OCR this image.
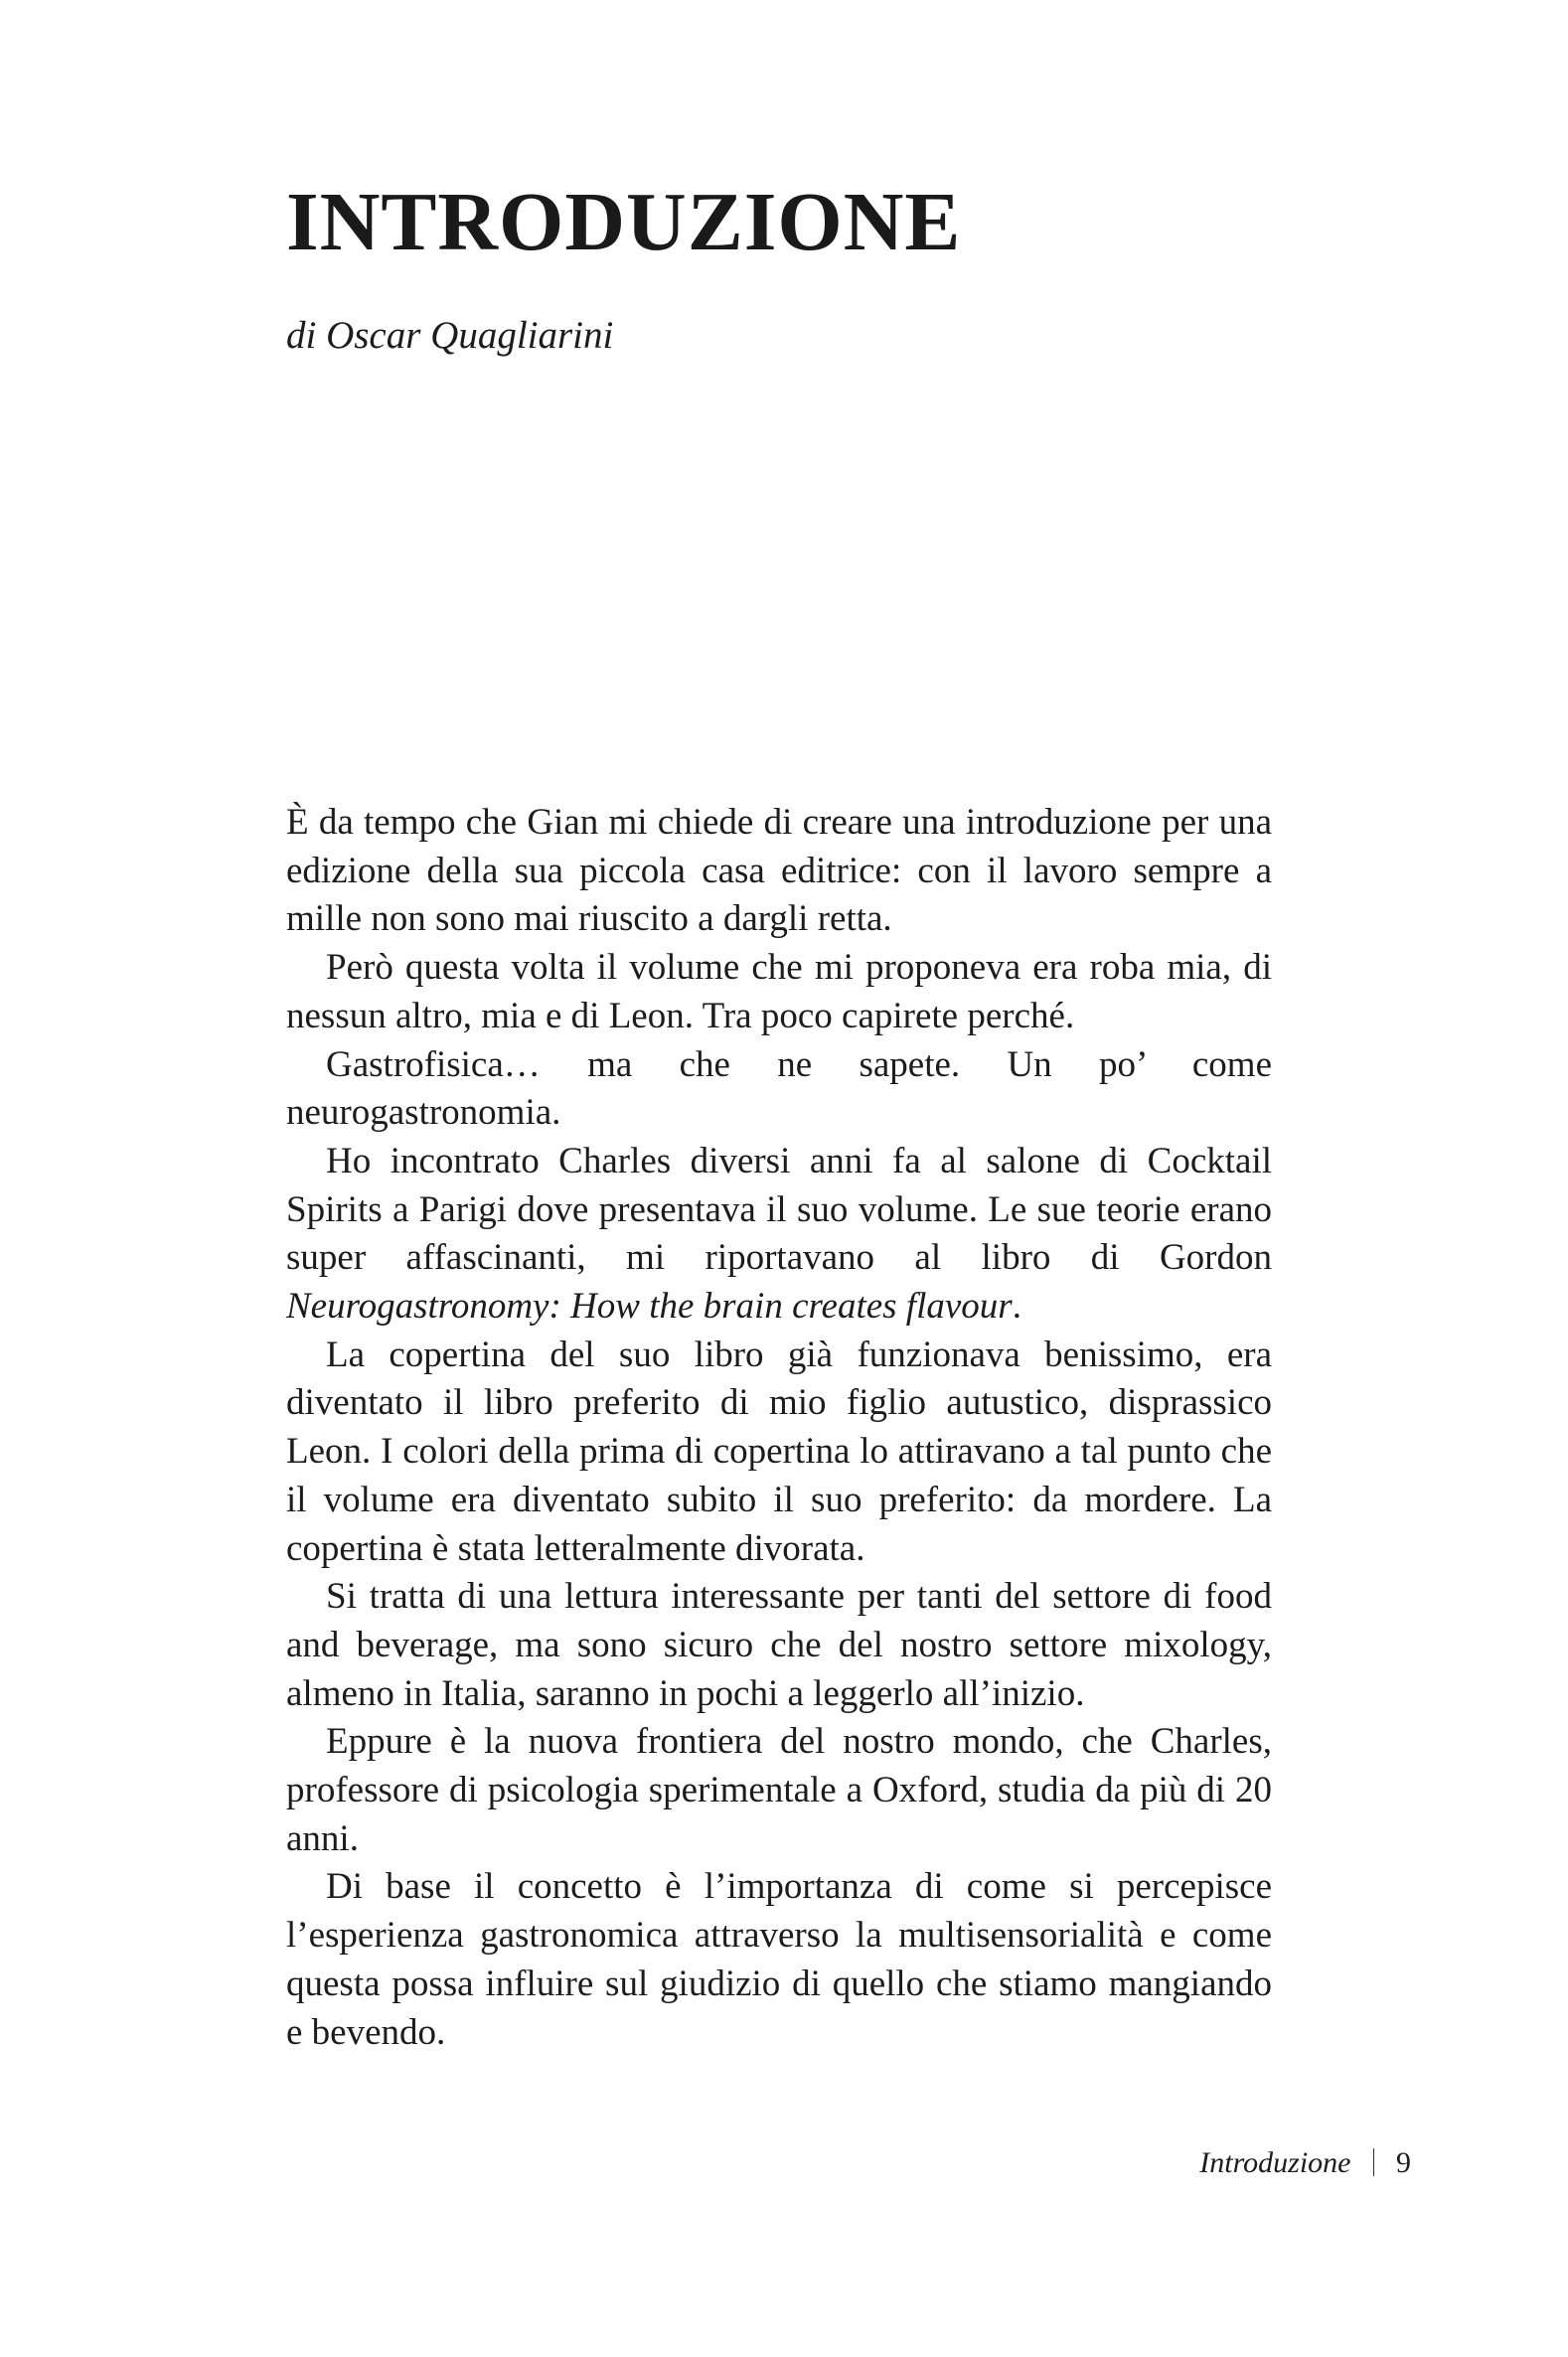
INTRODUZIONE

di Oscar Quagliarini

È da tempo che Gian mi chiede di creare una introduzione per una edizione della sua piccola casa editrice: con il lavoro sempre a mille non sono mai riuscito a dargli retta.

Però questa volta il volume che mi proponeva era roba mia, di nessun altro, mia e di Leon. Tra poco capirete perché.

Gastrofisica… ma che ne sapete. Un po’ come neurogastronomia.

Ho incontrato Charles diversi anni fa al salone di Cocktail Spirits a Parigi dove presentava il suo volume. Le sue teorie erano super affascinanti, mi riportavano al libro di Gordon Neurogastronomy: How the brain creates flavour.

La copertina del suo libro già funzionava benissimo, era diventato il libro preferito di mio figlio autustico, disprassico Leon. I colori della prima di copertina lo attiravano a tal punto che il volume era diventato subito il suo preferito: da mordere. La copertina è stata letteralmente divorata.

Si tratta di una lettura interessante per tanti del settore di food and beverage, ma sono sicuro che del nostro settore mixology, almeno in Italia, saranno in pochi a leggerlo all’inizio.

Eppure è la nuova frontiera del nostro mondo, che Charles, professore di psicologia sperimentale a Oxford, studia da più di 20 anni.

Di base il concetto è l’importanza di come si percepisce l’esperienza gastronomica attraverso la multisensorialità e come questa possa influire sul giudizio di quello che stiamo mangiando e bevendo.

Introduzione 9
